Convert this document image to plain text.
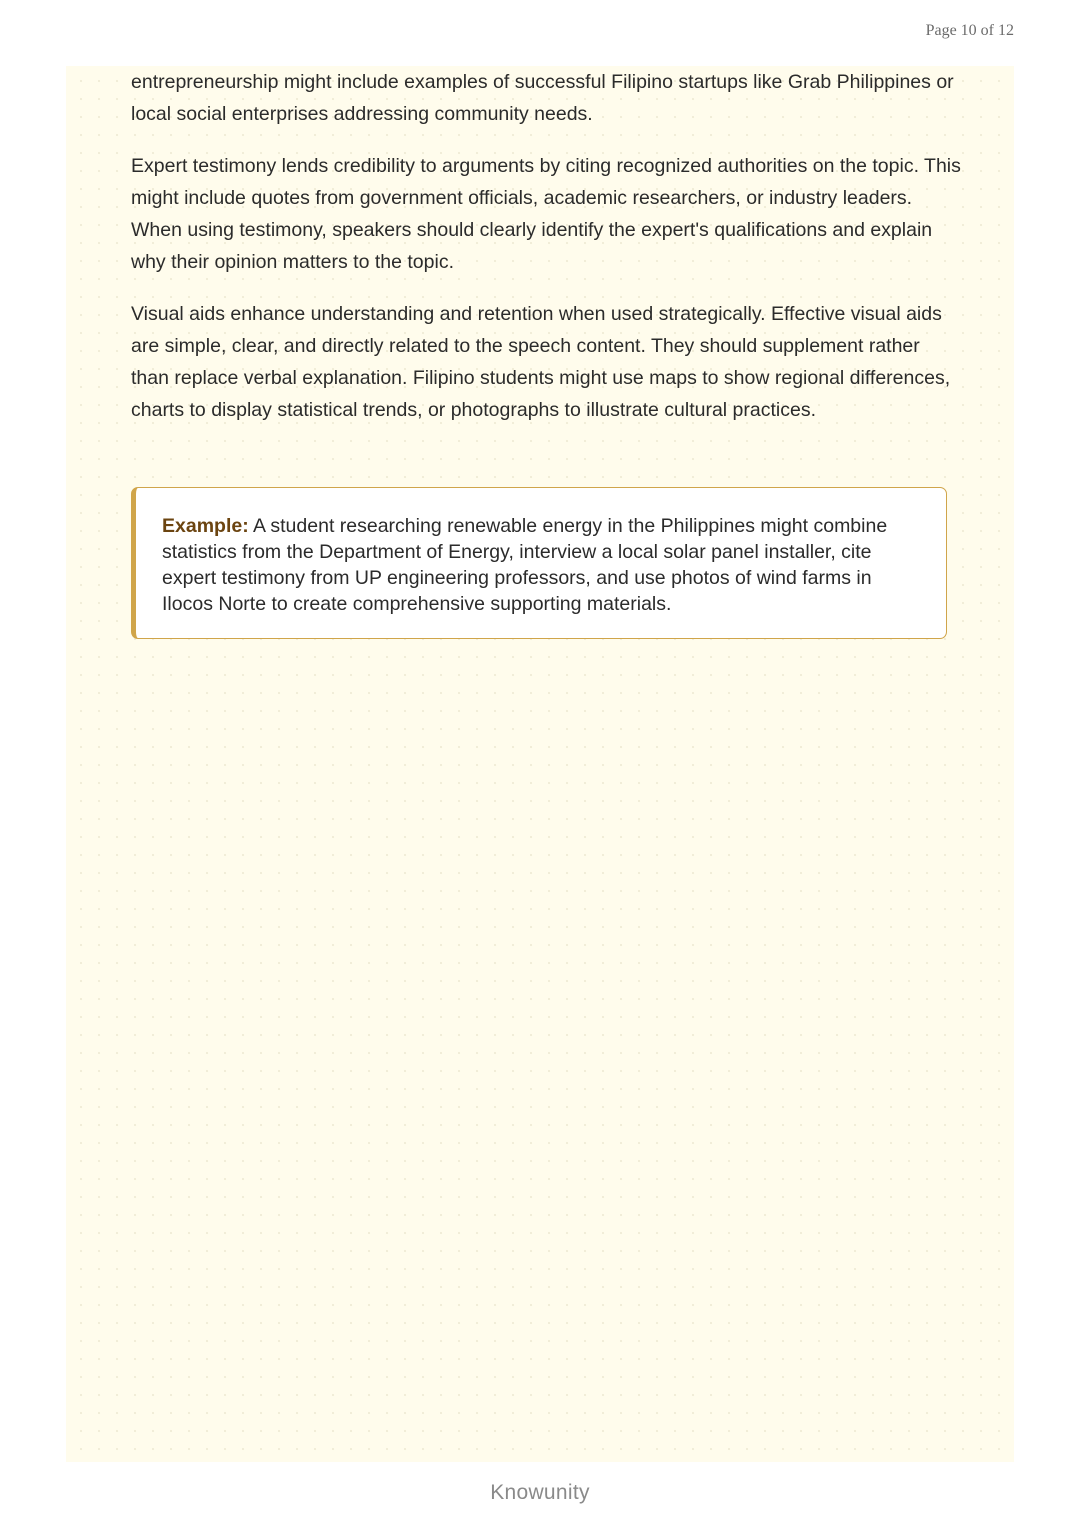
Page 10 of 12

entrepreneurship might include examples of successful Filipino startups like Grab Philippines or local social enterprises addressing community needs.

Expert testimony lends credibility to arguments by citing recognized authorities on the topic. This might include quotes from government officials, academic researchers, or industry leaders. When using testimony, speakers should clearly identify the expert's qualifications and explain why their opinion matters to the topic.

Visual aids enhance understanding and retention when used strategically. Effective visual aids are simple, clear, and directly related to the speech content. They should supplement rather than replace verbal explanation. Filipino students might use maps to show regional differences, charts to display statistical trends, or photographs to illustrate cultural practices.

Example: A student researching renewable energy in the Philippines might combine statistics from the Department of Energy, interview a local solar panel installer, cite expert testimony from UP engineering professors, and use photos of wind farms in Ilocos Norte to create comprehensive supporting materials.

Knowunity
